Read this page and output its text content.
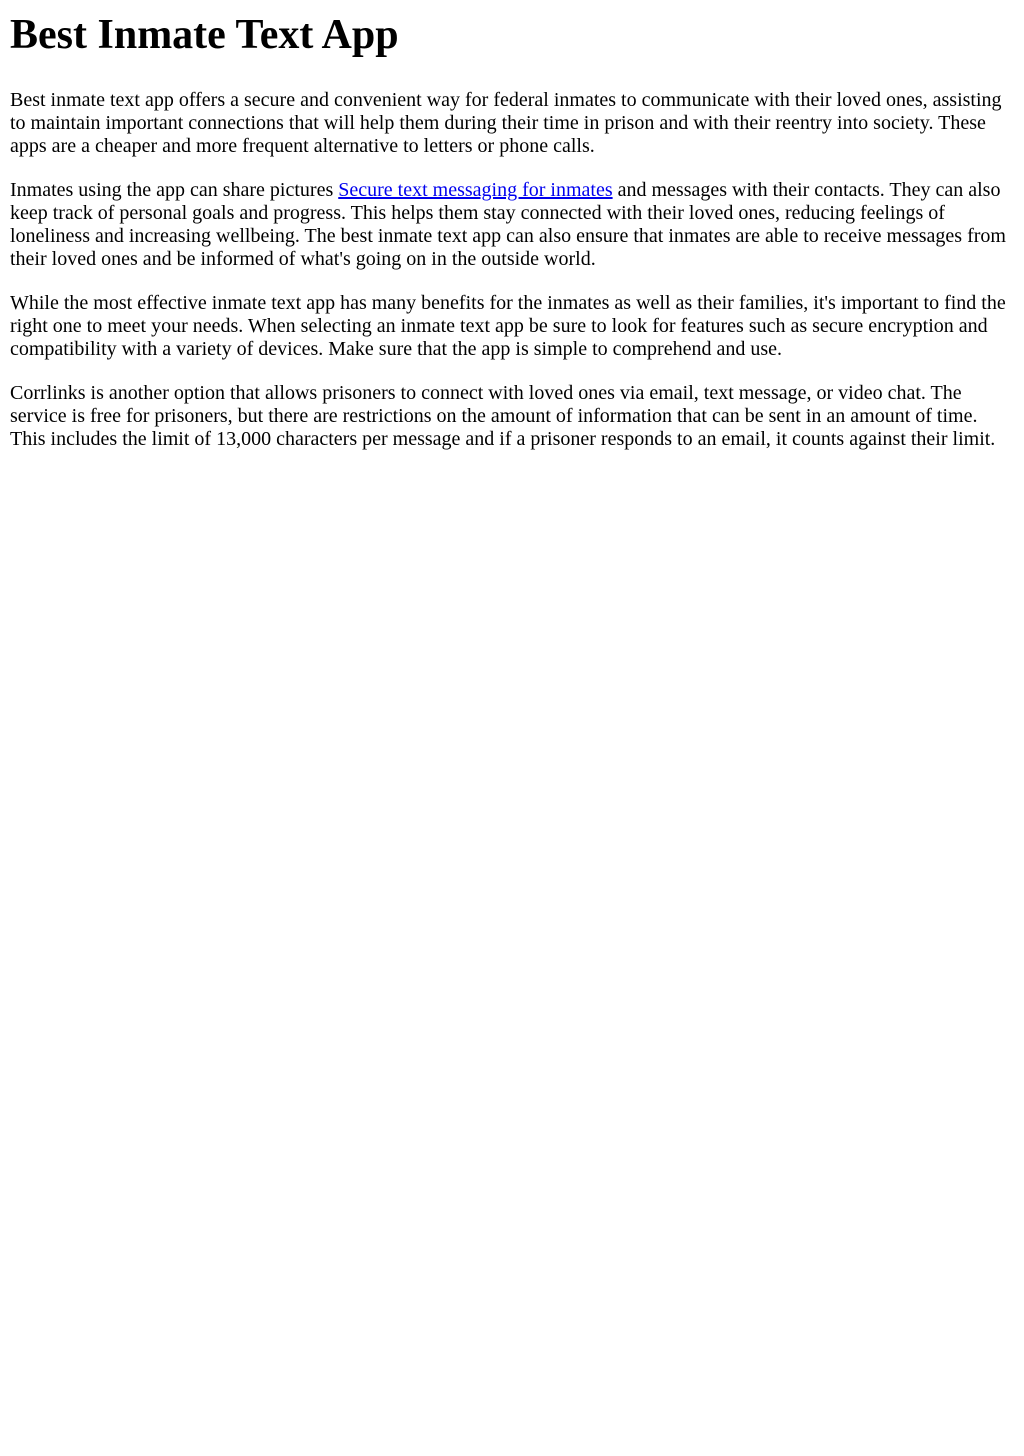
Best Inmate Text App

Best inmate text app offers a secure and convenient way for federal inmates to communicate with their loved ones, assisting to maintain important connections that will help them during their time in prison and with their reentry into society. These apps are a cheaper and more frequent alternative to letters or phone calls.

Inmates using the app can share pictures Secure text messaging for inmates and messages with their contacts. They can also keep track of personal goals and progress. This helps them stay connected with their loved ones, reducing feelings of loneliness and increasing wellbeing. The best inmate text app can also ensure that inmates are able to receive messages from their loved ones and be informed of what's going on in the outside world.

While the most effective inmate text app has many benefits for the inmates as well as their families, it's important to find the right one to meet your needs. When selecting an inmate text app be sure to look for features such as secure encryption and compatibility with a variety of devices. Make sure that the app is simple to comprehend and use.

Corrlinks is another option that allows prisoners to connect with loved ones via email, text message, or video chat. The service is free for prisoners, but there are restrictions on the amount of information that can be sent in an amount of time. This includes the limit of 13,000 characters per message and if a prisoner responds to an email, it counts against their limit.
